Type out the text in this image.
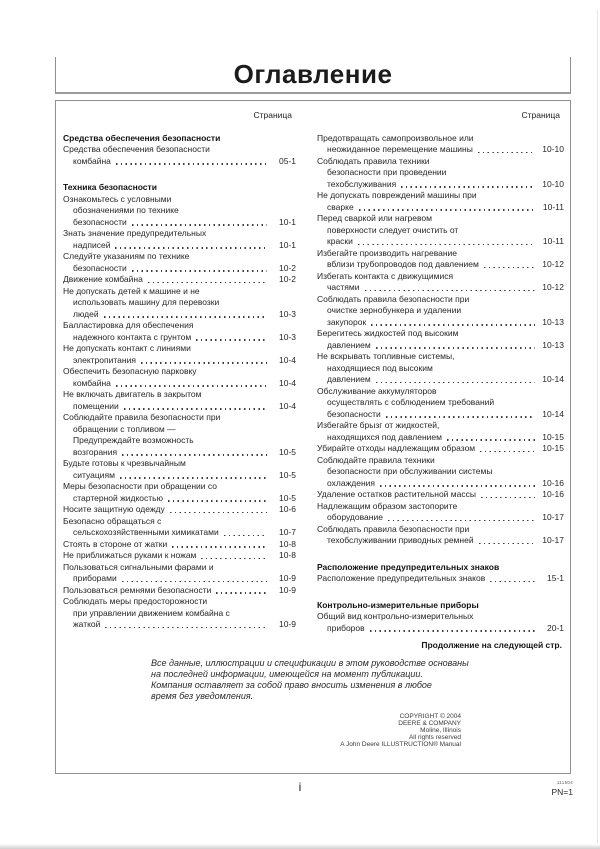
Оглавление
Страница
Средства обеспечения безопасности
Средства обеспечения безопасности
комбайна	05-1
Техника безопасности
Ознакомьтесь с условными
обозначениями по технике
безопасности	10-1
Знать значение предупредительных
надписей	10-1
Следуйте указаниям по технике
безопасности	10-2
Движение комбайна	10-2
Не допускать детей к машине и не
использовать машину для перевозки
людей	10-3
Балластировка для обеспечения
надежного контакта с грунтом	10-3
Не допускать контакт с линиями
электропитания	10-4
Обеспечить безопасную парковку
комбайна	10-4
Не включать двигатель в закрытом
помещении	10-4
Соблюдайте правила безопасности при
обращении с топливом —
Предупреждайте возможность
возгорания	10-5
Будьте готовы к чрезвычайным
ситуациям	10-5
Меры безопасности при обращении со
стартерной жидкостью	10-5
Носите защитную одежду	10-6
Безопасно обращаться с
сельскохозяйственными химикатами	10-7
Стоять в стороне от жатки	10-8
Не приближаться руками к ножам	10-8
Пользоваться сигнальными фарами и
приборами	10-9
Пользоваться ремнями безопасности	10-9
Соблюдать меры предосторожности
при управлении движением комбайна с
жаткой	10-9
Страница
Предотвращать самопроизвольное или
неожиданное перемещение машины	10-10
Соблюдать правила техники
безопасности при проведении
техобслуживания	10-10
Не допускать повреждений машины при
сварке	10-11
Перед сваркой или нагревом
поверхности следует очистить от
краски	10-11
Избегайте производить нагревание
вблизи трубопроводов под давлением	10-12
Избегать контакта с движущимися
частями	10-12
Соблюдать правила безопасности при
очистке зернобункера и удалении
закупорок	10-13
Берегитесь жидкостей под высоким
давлением	10-13
Не вскрывать топливные системы,
находящиеся под высоким
давлением	10-14
Обслуживание аккумуляторов
осуществлять с соблюдением требований
безопасности	10-14
Избегайте брызг от жидкостей,
находящихся под давлением	10-15
Убирайте отходы надлежащим образом	10-15
Соблюдайте правила техники
безопасности при обслуживании системы
охлаждения	10-16
Удаление остатков растительной массы	10-16
Надлежащим образом застопорите
оборудование	10-17
Соблюдать правила безопасности при
техобслуживании приводных ремней	10-17
Расположение предупредительных знаков
Расположение предупредительных знаков	15-1
Контрольно-измерительные приборы
Общий вид контрольно-измерительных
приборов	20-1
Продолжение на следующей стр.
Все данные, иллюстрации и спецификации в этом руководстве основаны
на последней информации, имеющейся на момент публикации.
Компания оставляет за собой право вносить изменения в любое
время без уведомления.
COPYRIGHT © 2004
DEERE & COMPANY
Moline, Illinois
All rights reserved
A John Deere ILLUSTRUCTION® Manual
i	111504
PN=1
